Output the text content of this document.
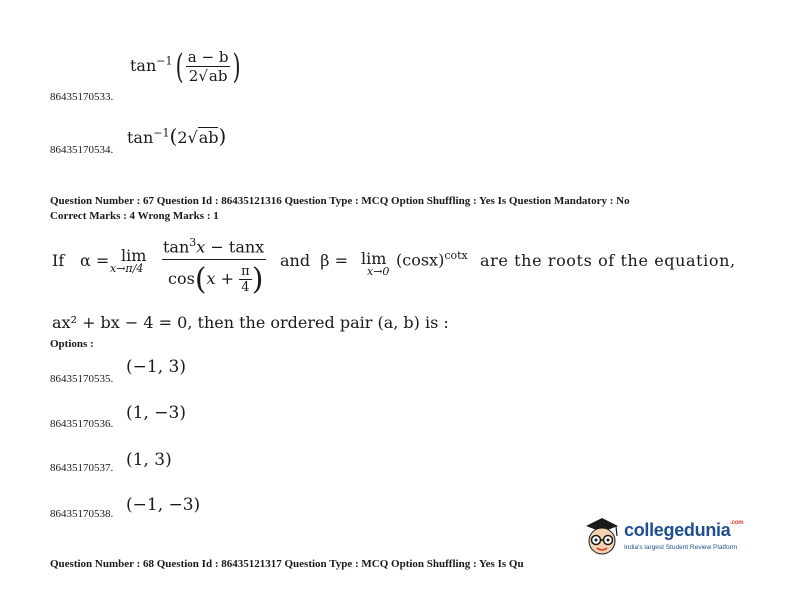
$\tan^{-1}( \frac{a - b}{2√ab}$ )
86435170533.
$\tan^{-1}(2√ab)$
86435170534.
Question Number : 67 Question Id : 86435121316 Question Type : MCQ Option Shuffling : Yes Is Question Mandatory : No
Correct Marks : 4 Wrong Marks : 1
If α = lim
x→π/4
$\tan^3x - \tan x$
$\cos(x + \frac{\pi}{4}$ )
and  β = lim
x→0
$(\cos x)^{cotx}$ are the roots of the equation,
ax² + bx − 4 = 0, then the ordered pair (a, b) is :
Options :
(−1, 3)
86435170535.
(1, −3)
86435170536.
(1, 3)
86435170537.
(−1, −3)
86435170538.
collegedunia$^{.com}$
India's largest Student Review Platform
Question Number : 68 Question Id : 86435121317 Question Type : MCQ Option Shuffling : Yes Is Qu
